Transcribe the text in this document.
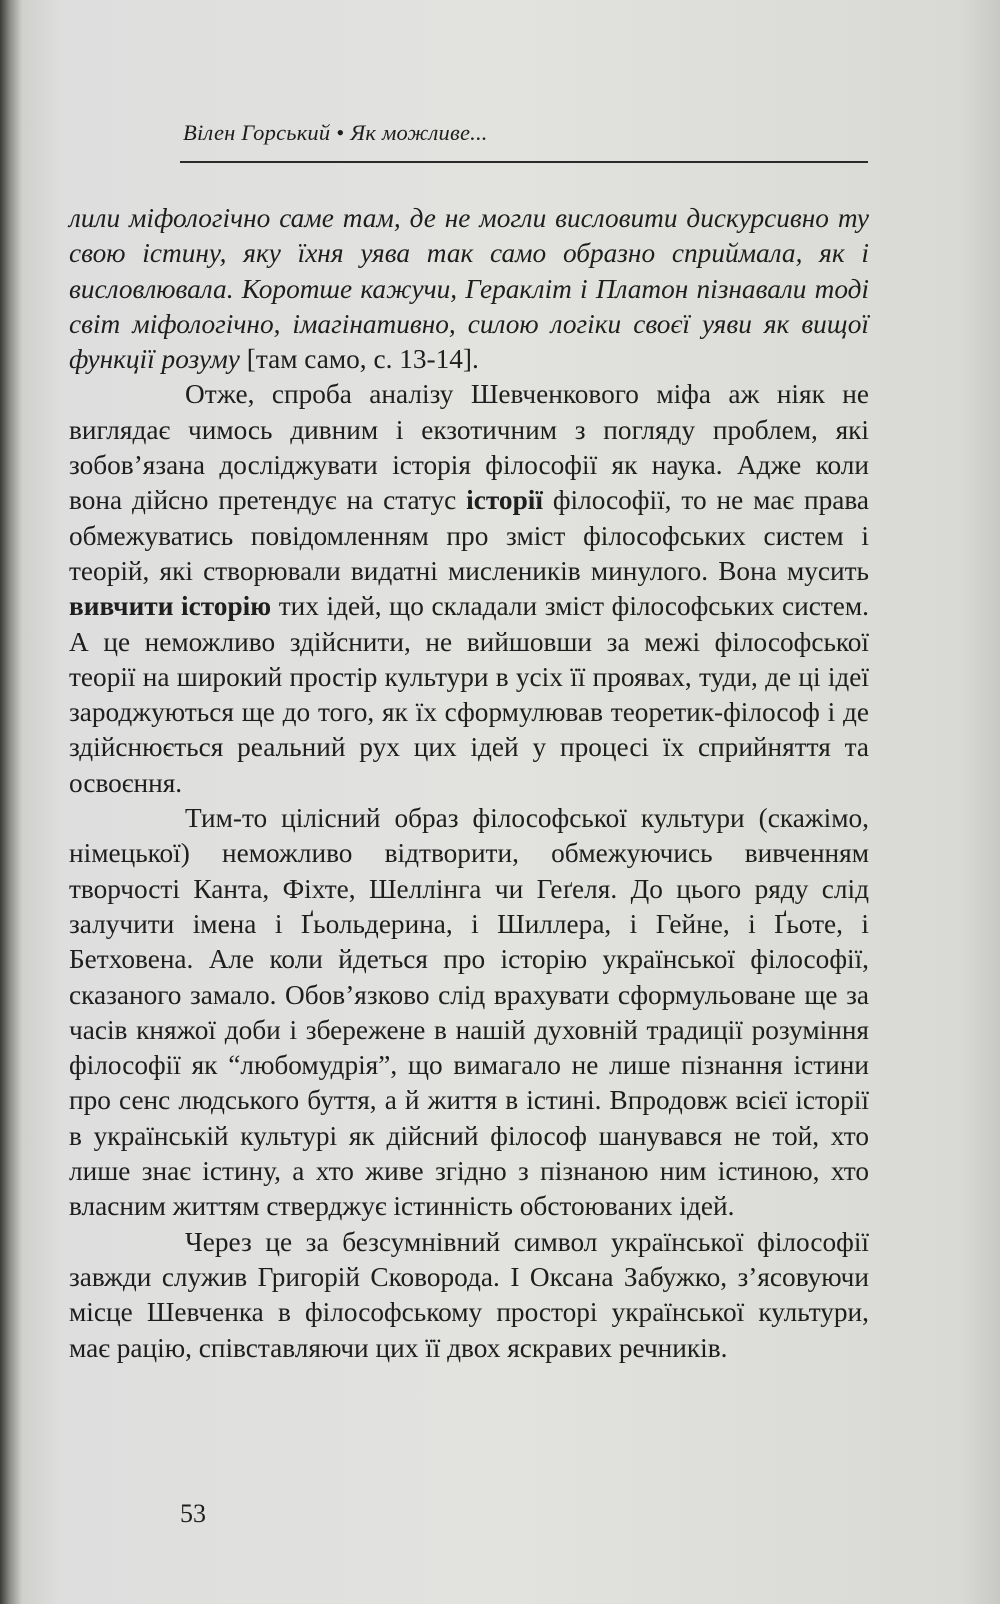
Вілен Горський • Як можливе...

лили міфологічно саме там, де не могли висловити дискурсивно ту свою істину, яку їхня уява так само образно сприймала, як і висловлювала. Коротше кажучи, Геракліт і Платон пізнавали тоді світ міфологічно, імагінативно, силою логіки своєї уяви як вищої функції розуму [там само, с. 13-14].

Отже, спроба аналізу Шевченкового міфа аж ніяк не виглядає чимось дивним і екзотичним з погляду проблем, які зобов’язана досліджувати історія філософії як наука. Адже коли вона дійсно претендує на статус історії філософії, то не має права обмежуватись повідомленням про зміст філософських систем і теорій, які створювали видатні мислеників минулого. Вона мусить вивчити історію тих ідей, що складали зміст філософських систем. А це неможливо здійснити, не вийшовши за межі філософської теорії на широкий простір культури в усіх її проявах, туди, де ці ідеї зароджуються ще до того, як їх сформулював теоретик-філософ і де здійснюється реальний рух цих ідей у процесі їх сприйняття та освоєння.

Тим-то цілісний образ філософської культури (скажімо, німецької) неможливо відтворити, обмежуючись вивченням творчості Канта, Фіхте, Шеллінга чи Геґеля. До цього ряду слід залучити імена і Ґьольдерина, і Шиллера, і Гейне, і Ґьоте, і Бетховена. Але коли йдеться про історію української філософії, сказаного замало. Обов’язково слід врахувати сформульоване ще за часів княжої доби і збережене в нашій духовній традиції розуміння філософії як “любомудрія”, що вимагало не лише пізнання істини про сенс людського буття, а й життя в істині. Впродовж всієї історії в українській культурі як дійсний філософ шанувався не той, хто лише знає істину, а хто живе згідно з пізнаною ним істиною, хто власним життям стверджує істинність обстоюваних ідей.

Через це за безсумнівний символ української філософії завжди служив Григорій Сковорода. І Оксана Забужко, з’ясовуючи місце Шевченка в філософському просторі української культури, має рацію, співставляючи цих її двох яскравих речників.

53
